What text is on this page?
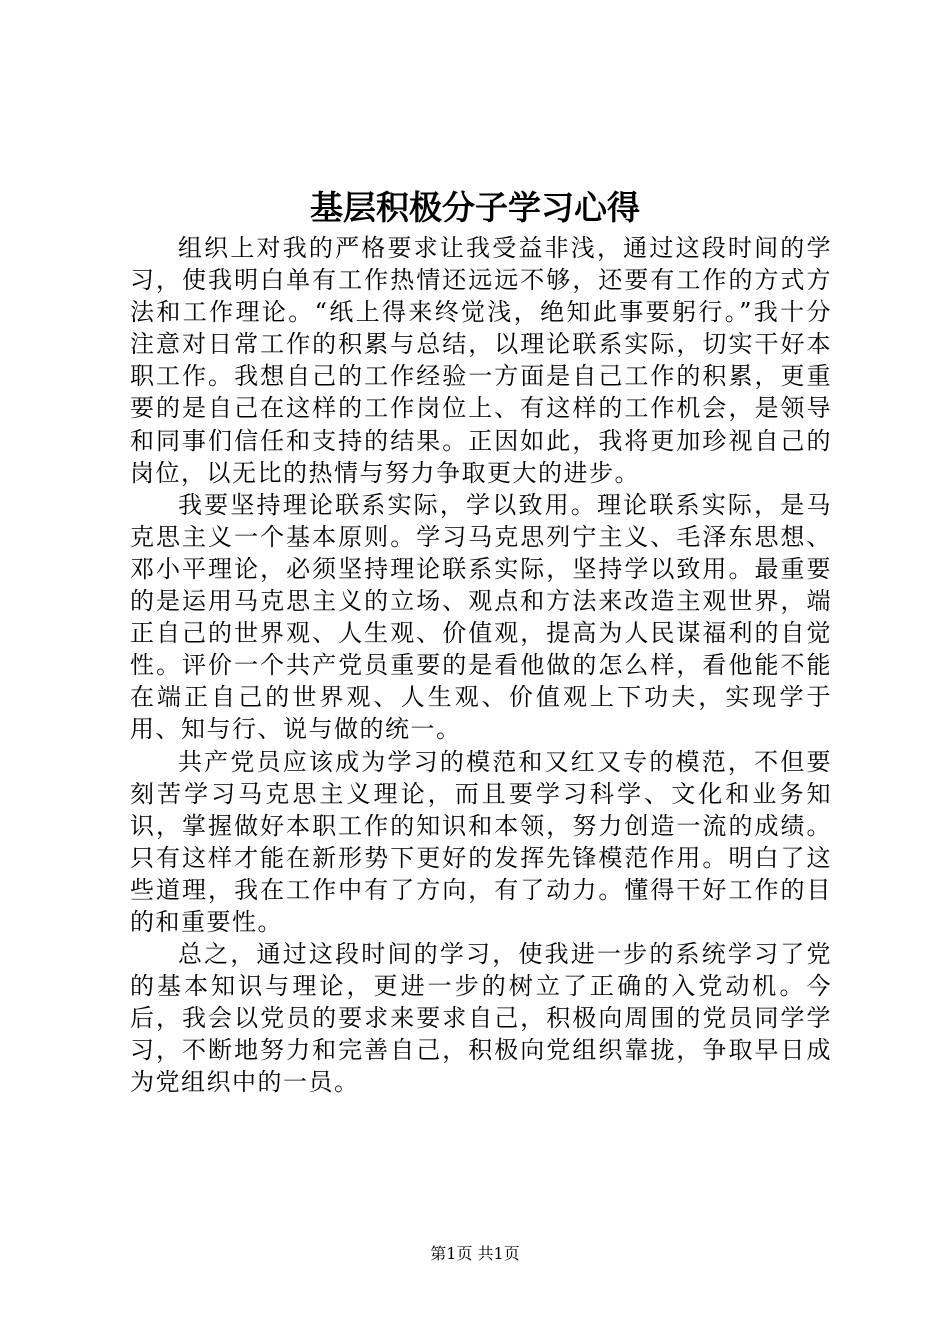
基层积极分子学习心得

组织上对我的严格要求让我受益非浅，通过这段时间的学习，使我明白单有工作热情还远远不够，还要有工作的方式方法和工作理论。“纸上得来终觉浅，绝知此事要躬行。”我十分注意对日常工作的积累与总结，以理论联系实际，切实干好本职工作。我想自己的工作经验一方面是自己工作的积累，更重要的是自己在这样的工作岗位上、有这样的工作机会，是领导和同事们信任和支持的结果。正因如此，我将更加珍视自己的岗位，以无比的热情与努力争取更大的进步。

我要坚持理论联系实际，学以致用。理论联系实际，是马克思主义一个基本原则。学习马克思列宁主义、毛泽东思想、邓小平理论，必须坚持理论联系实际，坚持学以致用。最重要的是运用马克思主义的立场、观点和方法来改造主观世界，端正自己的世界观、人生观、价值观，提高为人民谋福利的自觉性。评价一个共产党员重要的是看他做的怎么样，看他能不能在端正自己的世界观、人生观、价值观上下功夫，实现学于用、知与行、说与做的统一。

共产党员应该成为学习的模范和又红又专的模范，不但要刻苦学习马克思主义理论，而且要学习科学、文化和业务知识，掌握做好本职工作的知识和本领，努力创造一流的成绩。只有这样才能在新形势下更好的发挥先锋模范作用。明白了这些道理，我在工作中有了方向，有了动力。懂得干好工作的目的和重要性。

总之，通过这段时间的学习，使我进一步的系统学习了党的基本知识与理论，更进一步的树立了正确的入党动机。今后，我会以党员的要求来要求自己，积极向周围的党员同学学习，不断地努力和完善自己，积极向党组织靠拢，争取早日成为党组织中的一员。

第1页 共1页
